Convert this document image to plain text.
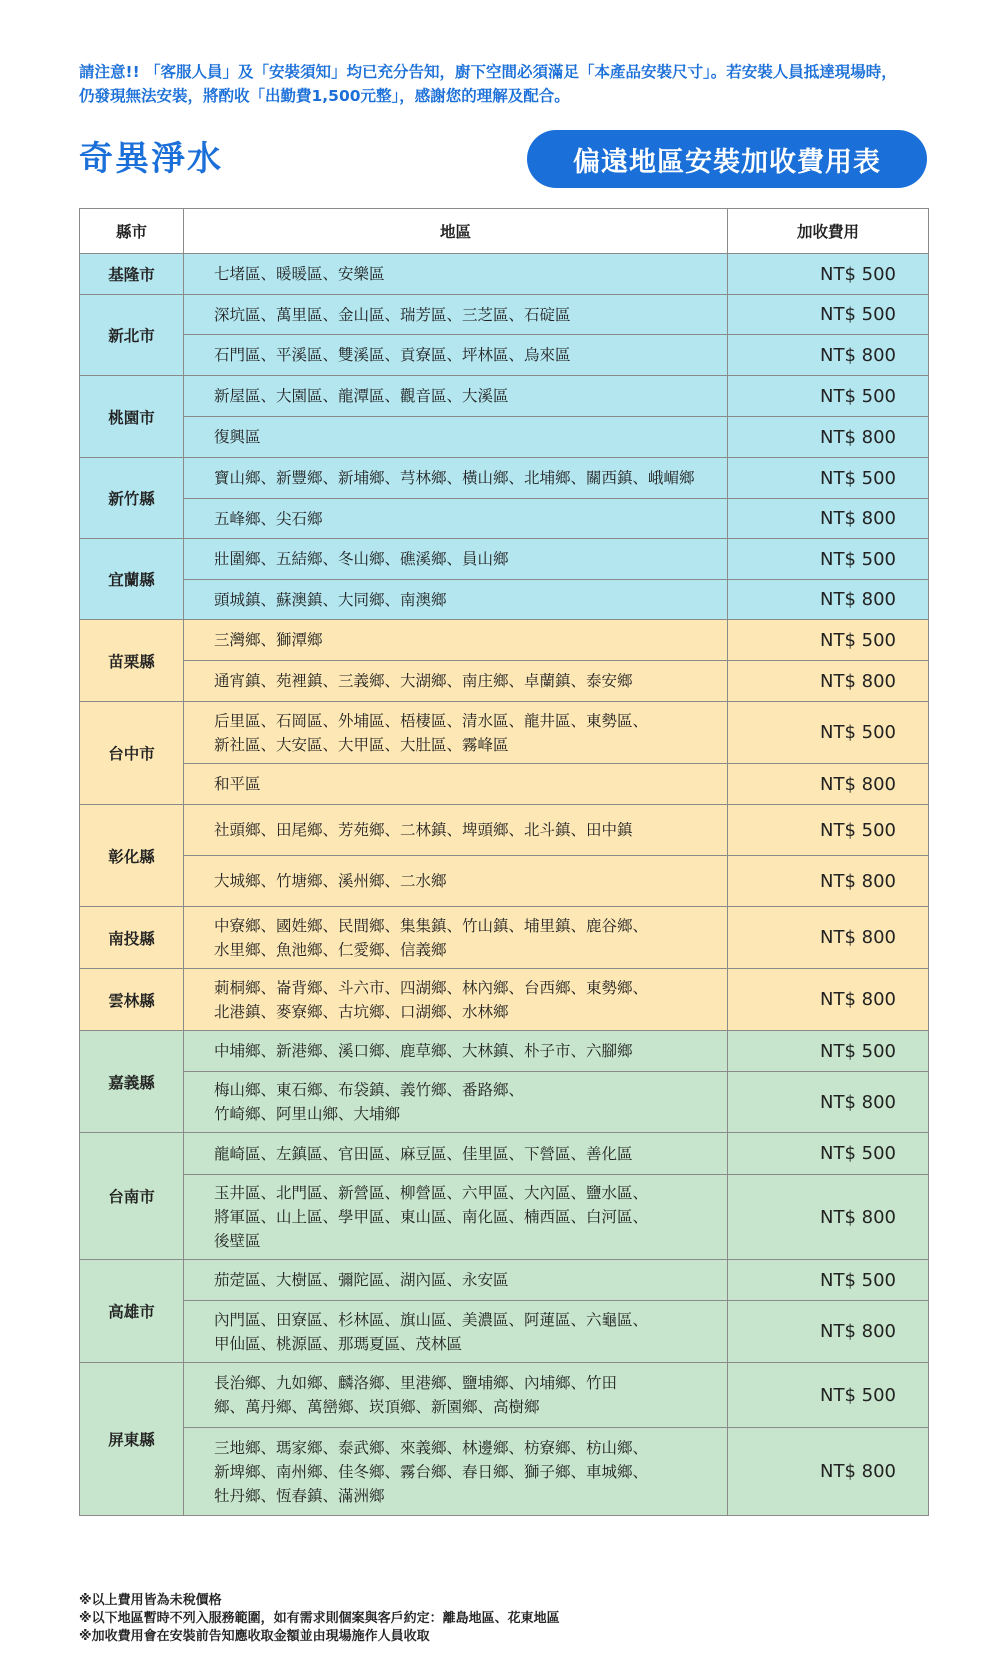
請注意!! 「客服人員」及「安裝須知」均已充分告知，廚下空間必須滿足「本產品安裝尺寸」。若安裝人員抵達現場時，
仍發現無法安裝，將酌收「出勤費1,500元整」，感謝您的理解及配合。
奇異淨水	偏遠地區安裝加收費用表
縣市	地區	加收費用
基隆市	七堵區、暖暖區、安樂區	NT$ 500
新北市	深坑區、萬里區、金山區、瑞芳區、三芝區、石碇區	NT$ 500
	石門區、平溪區、雙溪區、貢寮區、坪林區、烏來區	NT$ 800
桃園市	新屋區、大園區、龍潭區、觀音區、大溪區	NT$ 500
	復興區	NT$ 800
新竹縣	寶山鄉、新豐鄉、新埔鄉、芎林鄉、橫山鄉、北埔鄉、關西鎮、峨嵋鄉	NT$ 500
	五峰鄉、尖石鄉	NT$ 800
宜蘭縣	壯圍鄉、五結鄉、冬山鄉、礁溪鄉、員山鄉	NT$ 500
	頭城鎮、蘇澳鎮、大同鄉、南澳鄉	NT$ 800
苗栗縣	三灣鄉、獅潭鄉	NT$ 500
	通宵鎮、苑裡鎮、三義鄉、大湖鄉、南庄鄉、卓蘭鎮、泰安鄉	NT$ 800
台中市	后里區、石岡區、外埔區、梧棲區、清水區、龍井區、東勢區、
新社區、大安區、大甲區、大肚區、霧峰區	NT$ 500
	和平區	NT$ 800
彰化縣	社頭鄉、田尾鄉、芳苑鄉、二林鎮、埤頭鄉、北斗鎮、田中鎮	NT$ 500
	大城鄉、竹塘鄉、溪州鄉、二水鄉	NT$ 800
南投縣	中寮鄉、國姓鄉、民間鄉、集集鎮、竹山鎮、埔里鎮、鹿谷鄉、
水里鄉、魚池鄉、仁愛鄉、信義鄉	NT$ 800
雲林縣	莿桐鄉、崙背鄉、斗六市、四湖鄉、林內鄉、台西鄉、東勢鄉、
北港鎮、麥寮鄉、古坑鄉、口湖鄉、水林鄉	NT$ 800
嘉義縣	中埔鄉、新港鄉、溪口鄉、鹿草鄉、大林鎮、朴子市、六腳鄉	NT$ 500

	梅山鄉、東石鄉、布袋鎮、義竹鄉、番路鄉、
竹崎鄉、阿里山鄉、大埔鄉	NT$ 800
台南市	龍崎區、左鎮區、官田區、麻豆區、佳里區、下營區、善化區	NT$ 500

	玉井區、北門區、新營區、柳營區、六甲區、大內區、鹽水區、
將軍區、山上區、學甲區、東山區、南化區、楠西區、白河區、
後壁區	NT$ 800
高雄市	茄萣區、大樹區、彌陀區、湖內區、永安區	NT$ 500

	內門區、田寮區、杉林區、旗山區、美濃區、阿蓮區、六龜區、
甲仙區、桃源區、那瑪夏區、茂林區	NT$ 800
屏東縣	長治鄉、九如鄉、麟洛鄉、里港鄉、鹽埔鄉、內埔鄉、竹田
鄉、萬丹鄉、萬巒鄉、崁頂鄉、新園鄉、高樹鄉	NT$ 500

	三地鄉、瑪家鄉、泰武鄉、來義鄉、林邊鄉、枋寮鄉、枋山鄉、
新埤鄉、南州鄉、佳冬鄉、霧台鄉、春日鄉、獅子鄉、車城鄉、
牡丹鄉、恆春鎮、滿洲鄉	NT$ 800
※以上費用皆為未稅價格
※以下地區暫時不列入服務範圍，如有需求則個案與客戶約定：離島地區、花東地區
※加收費用會在安裝前告知應收取金額並由現場施作人員收取
